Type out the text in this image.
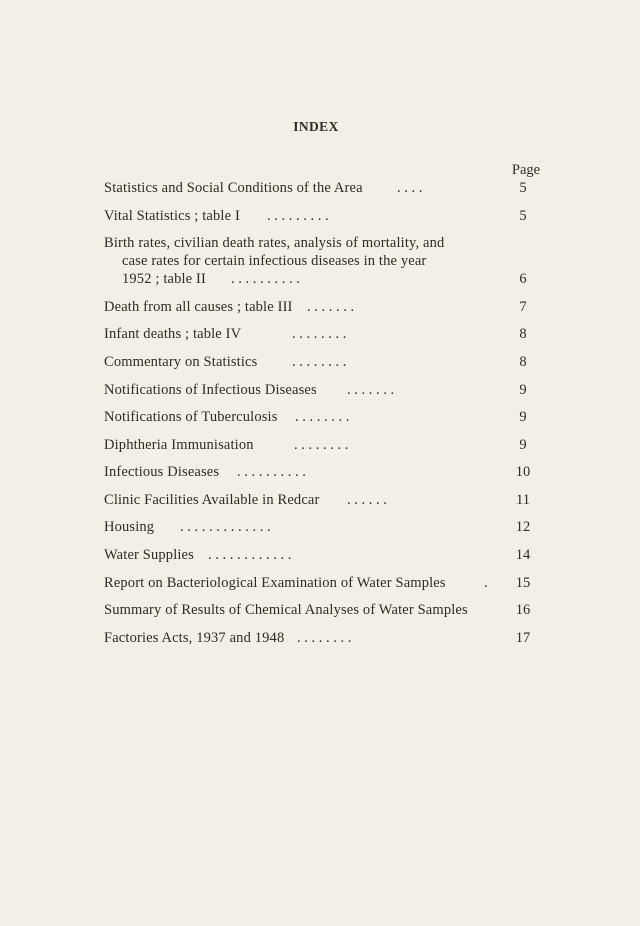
INDEX
Page
Statistics and Social Conditions of the Area . . . .	5
Vital Statistics ; table I . . . . . . . . .	5
Birth rates, civilian death rates, analysis of mortality, and
case rates for certain infectious diseases in the year
1952 ; table II . . . . . . . . . .	6
Death from all causes ; table III . . . . . . .	7
Infant deaths ; table IV	. . . . . . . .	8
Commentary on Statistics . . . . . . . .	8
Notifications of Infectious Diseases . . . . . . .	9
Notifications of Tuberculosis . . . . . . . .	9
Diphtheria Immunisation	. . . . . . . .	9
Infectious Diseases . . . . . . . . . .	10
Clinic Facilities Available in Redcar . . . . . .	11
Housing . . . . . . . . . . . . .	12
Water Supplies . . . . . . . . . . . .	14
Report on Bacteriological Examination of Water Samples	.	15
Summary of Results of Chemical Analyses of Water Samples	16
Factories Acts, 1937 and 1948 . . . . . . . .	17
